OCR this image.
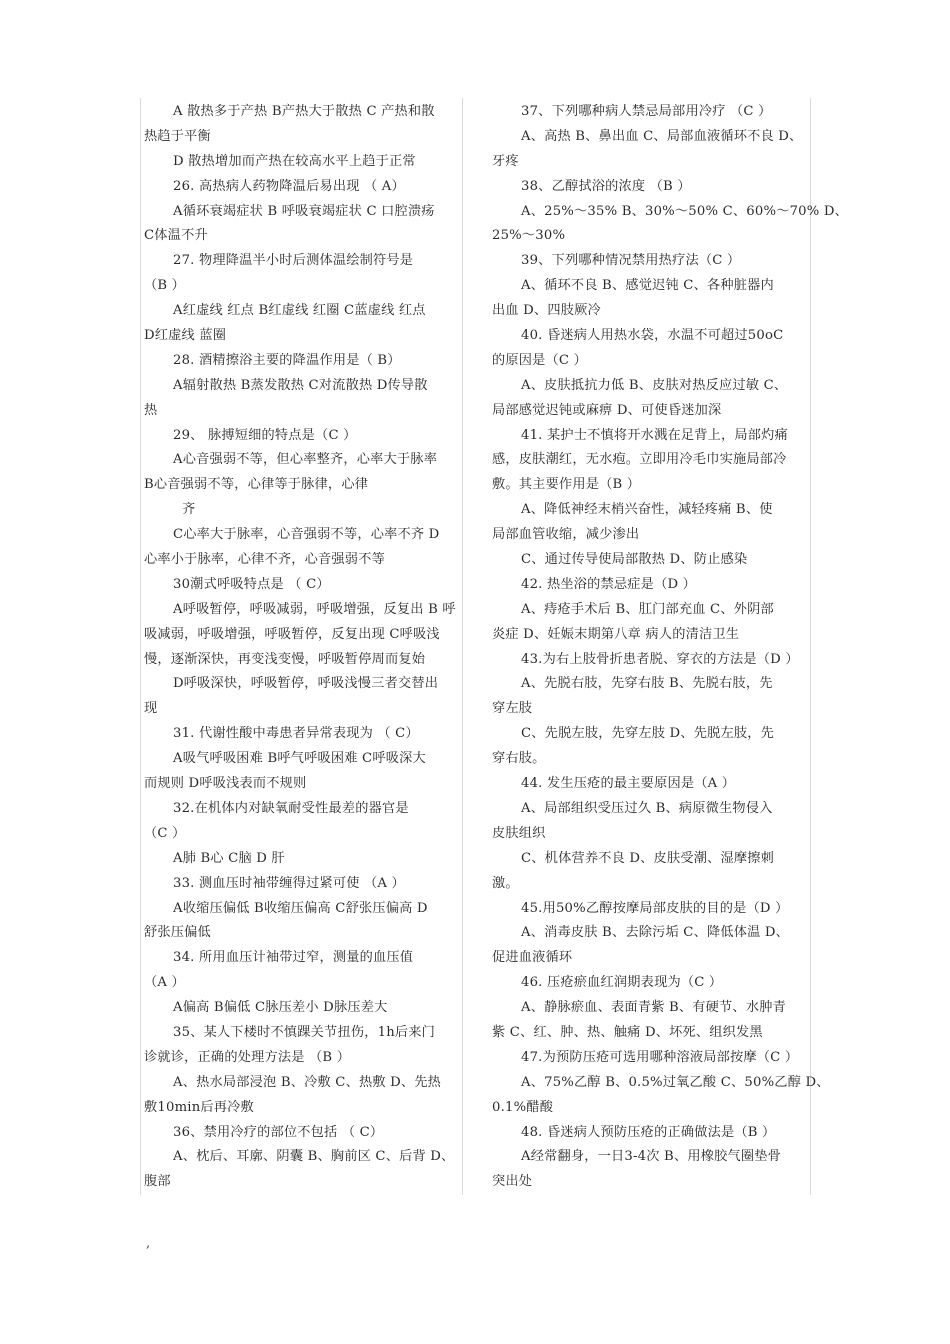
A 散热多于产热 B产热大于散热 C 产热和散
热趋于平衡
D 散热增加而产热在较高水平上趋于正常
26. 高热病人药物降温后易出现 （ A）
A循环衰竭症状 B 呼吸衰竭症状 C 口腔溃疡
C体温不升
27. 物理降温半小时后测体温绘制符号是
（B ）
A红虚线 红点 B红虚线 红圈 C蓝虚线 红点
D红虚线 蓝圈
28. 酒精擦浴主要的降温作用是（ B）
A辐射散热 B蒸发散热 C对流散热 D传导散
热
29、 脉搏短细的特点是（C ）
A心音强弱不等，但心率整齐，心率大于脉率
B心音强弱不等，心律等于脉律，心律
齐
C心率大于脉率，心音强弱不等，心率不齐 D
心率小于脉率，心律不齐，心音强弱不等
30潮式呼吸特点是 （ C）
A呼吸暂停，呼吸减弱，呼吸增强，反复出 B 呼
吸减弱，呼吸增强，呼吸暂停，反复出现 C呼吸浅
慢，逐渐深快，再变浅变慢，呼吸暂停周而复始
D呼吸深快，呼吸暂停，呼吸浅慢三者交替出
现
31. 代谢性酸中毒患者异常表现为 （ C）
A吸气呼吸困难 B呼气呼吸困难 C呼吸深大
而规则 D呼吸浅表而不规则
32.在机体内对缺氧耐受性最差的器官是
（C ）
A肺 B心 C脑 D 肝
33. 测血压时袖带缠得过紧可使 （A ）
A收缩压偏低 B收缩压偏高 C舒张压偏高 D
舒张压偏低
34. 所用血压计袖带过窄，测量的血压值
（A ）
A偏高 B偏低 C脉压差小 D脉压差大
35、某人下楼时不慎踝关节扭伤，1h后来门
诊就诊，正确的处理方法是 （B ）
A、热水局部浸泡 B、冷敷 C、热敷 D、先热
敷10min后再冷敷
36、禁用冷疗的部位不包括 （ C）
A、枕后、耳廓、阴囊 B、胸前区 C、后背 D、
腹部
37、下列哪种病人禁忌局部用冷疗 （C ）
A、高热 B、鼻出血 C、局部血液循环不良 D、
牙疼
38、乙醇拭浴的浓度 （B ）
A、25%～35% B、30%～50% C、60%～70% D、
25%～30%
39、下列哪种情况禁用热疗法（C ）
A、循环不良 B、感觉迟钝 C、各种脏器内
出血 D、四肢厥冷
40. 昏迷病人用热水袋，水温不可超过50oC
的原因是（C ）
A、皮肤抵抗力低 B、皮肤对热反应过敏 C、
局部感觉迟钝或麻痹 D、可使昏迷加深
41. 某护士不慎将开水溅在足背上，局部灼痛
感，皮肤潮红，无水疱。立即用冷毛巾实施局部冷
敷。其主要作用是（B ）
A、降低神经末梢兴奋性，减轻疼痛 B、使
局部血管收缩，减少渗出
C、通过传导使局部散热 D、防止感染
42. 热坐浴的禁忌症是（D ）
A、痔疮手术后 B、肛门部充血 C、外阴部
炎症 D、妊娠末期第八章 病人的清洁卫生
43.为右上肢骨折患者脱、穿衣的方法是（D ）
A、先脱右肢，先穿右肢 B、先脱右肢，先
穿左肢
C、先脱左肢，先穿左肢 D、先脱左肢，先
穿右肢。
44. 发生压疮的最主要原因是（A ）
A、局部组织受压过久 B、病原微生物侵入
皮肤组织
C、机体营养不良 D、皮肤受潮、湿摩擦刺
激。
45.用50%乙醇按摩局部皮肤的目的是（D ）
A、消毒皮肤 B、去除污垢 C、降低体温 D、
促进血液循环
46. 压疮瘀血红润期表现为（C ）
A、静脉瘀血、表面青紫 B、有硬节、水肿青
紫 C、红、肿、热、触痛 D、坏死、组织发黑
47.为预防压疮可选用哪种溶液局部按摩（C ）
A、75%乙醇 B、0.5%过氧乙酸 C、50%乙醇 D、
0.1%醋酸
48. 昏迷病人预防压疮的正确做法是（B ）
A经常翻身，一日3-4次 B、用橡胶气圈垫骨
突出处
,
